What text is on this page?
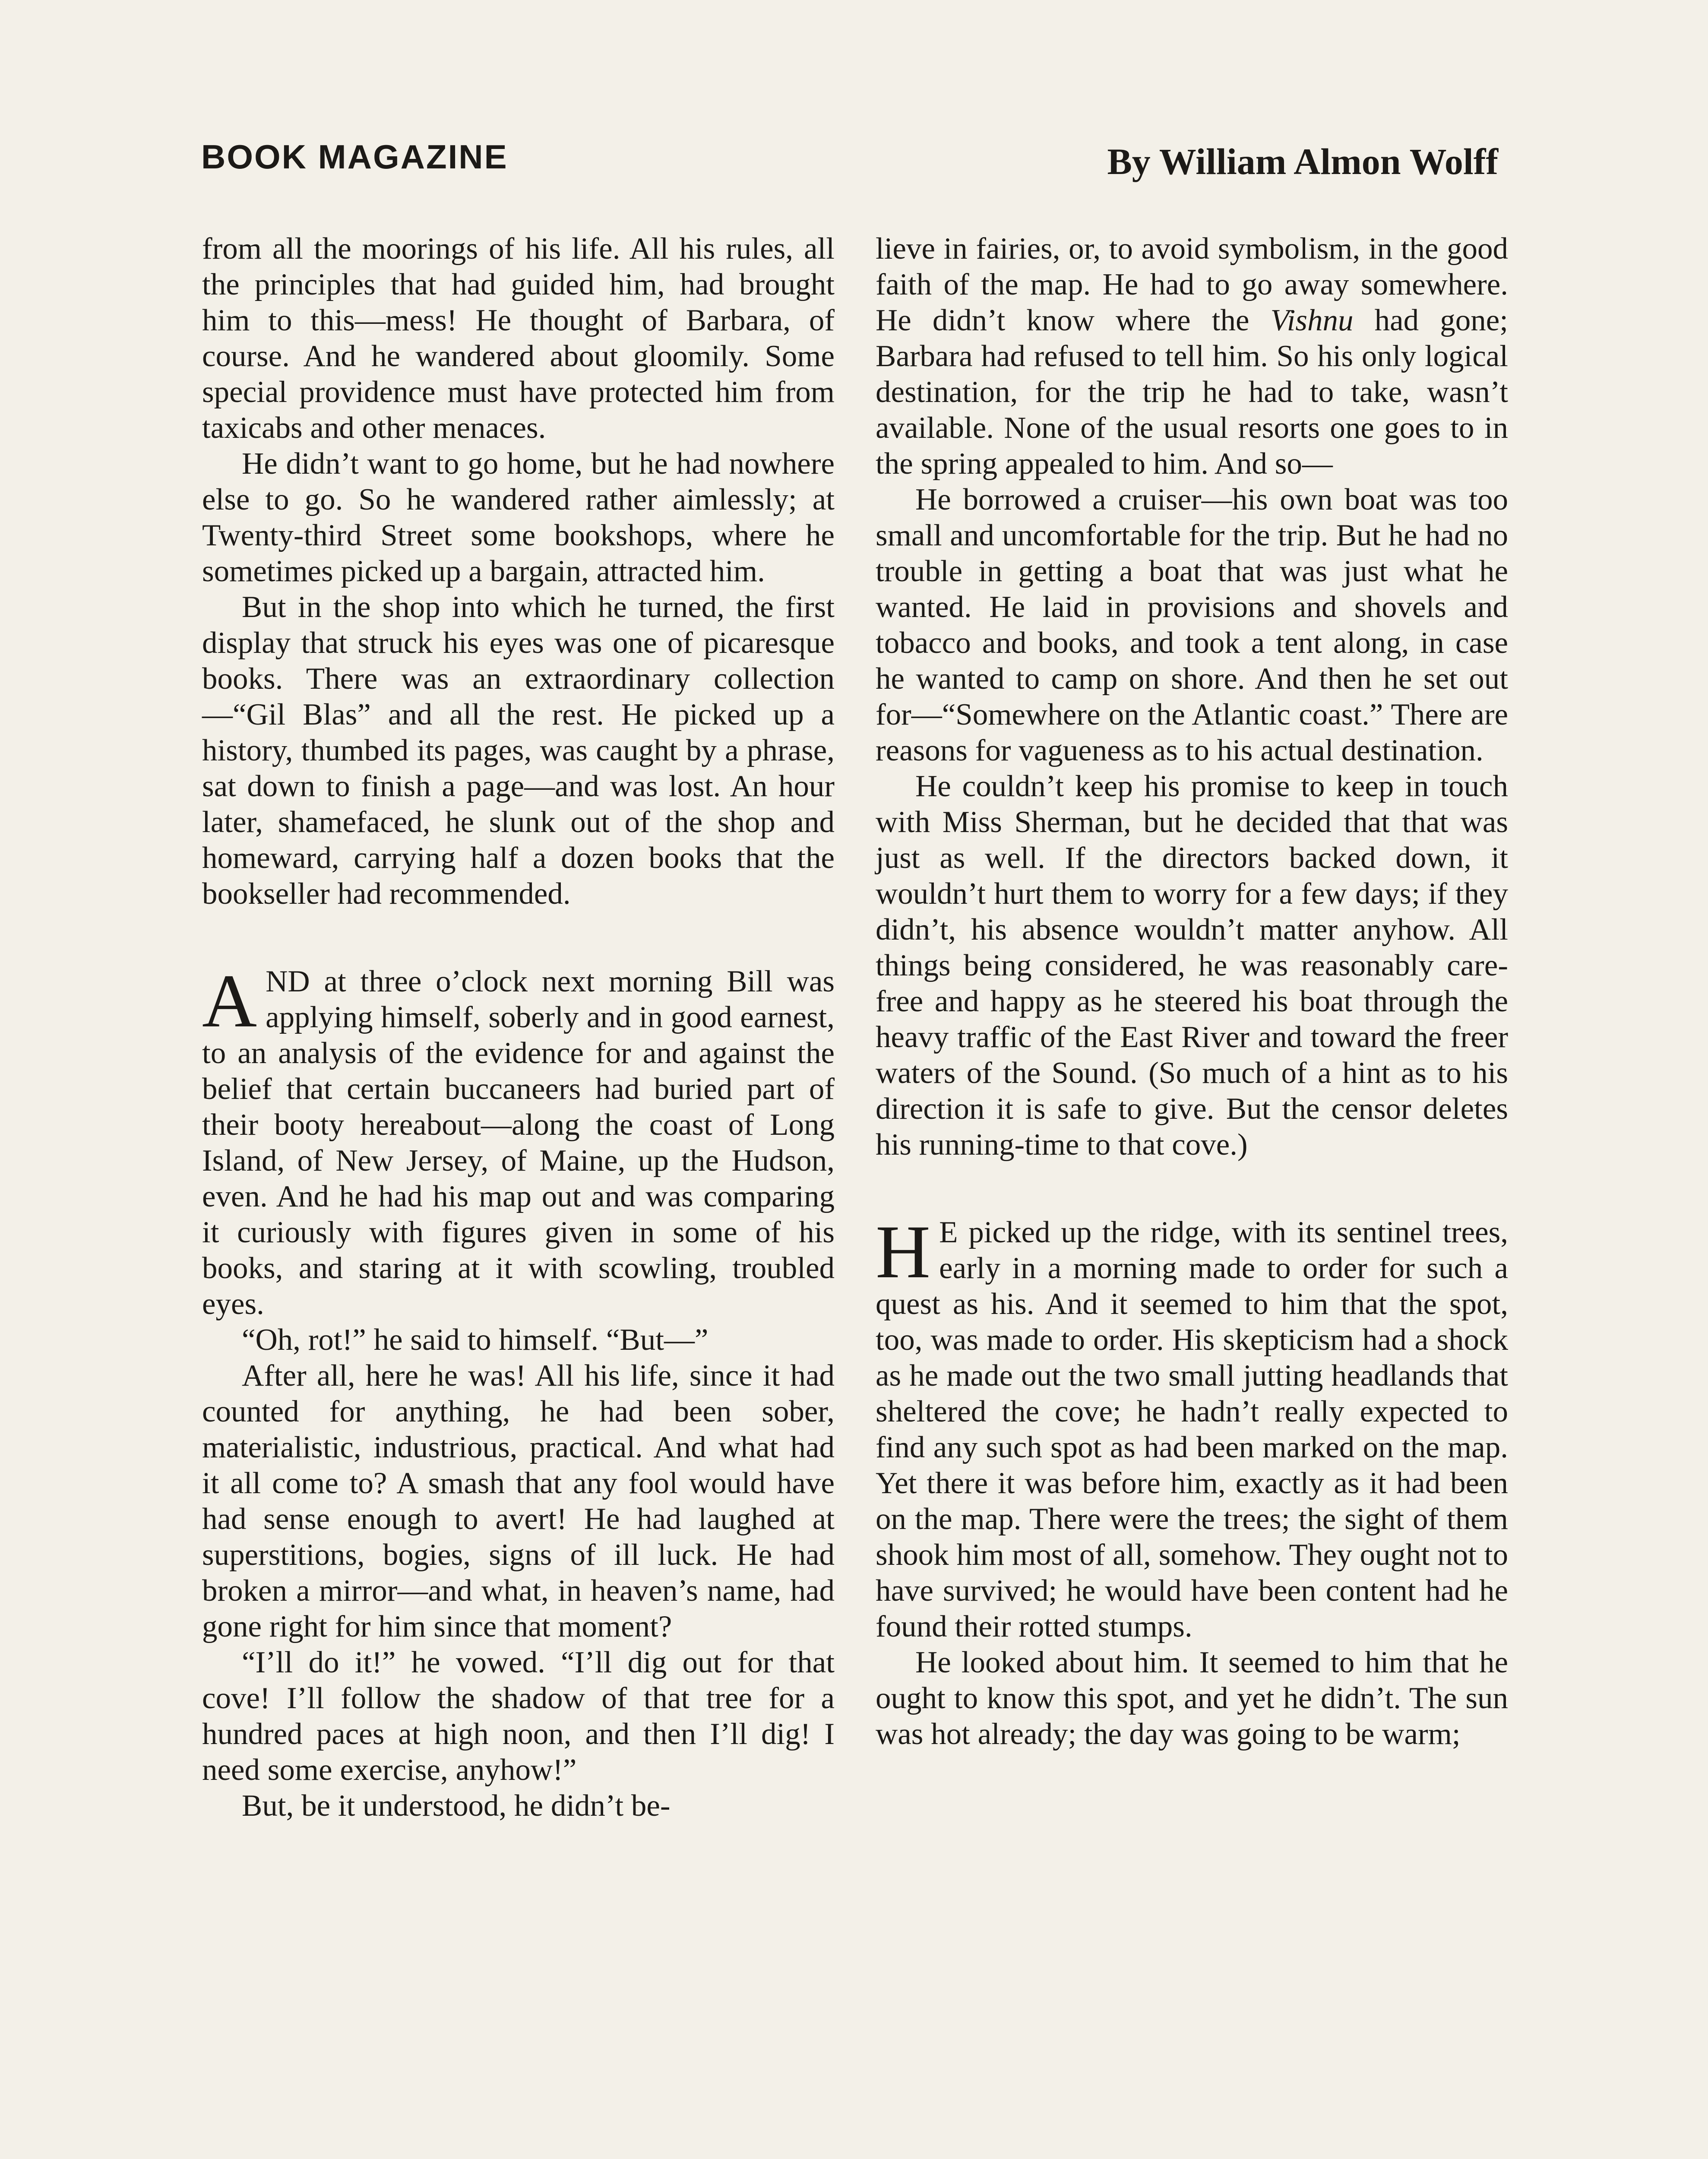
BOOK MAGAZINE	By William Almon Wolff

from all the moorings of his life. All his rules, all the principles that had guided him, had brought him to this—mess! He thought of Barbara, of course. And he wandered about gloomily. Some special providence must have protected him from taxicabs and other menaces.

He didn’t want to go home, but he had nowhere else to go. So he wandered rather aimlessly; at Twenty-third Street some bookshops, where he sometimes picked up a bargain, attracted him.

But in the shop into which he turned, the first display that struck his eyes was one of picaresque books. There was an extraordinary collection—“Gil Blas” and all the rest. He picked up a history, thumbed its pages, was caught by a phrase, sat down to finish a page—and was lost. An hour later, shamefaced, he slunk out of the shop and homeward, carrying half a dozen books that the bookseller had recommended.

AND at three o’clock next morning Bill was applying himself, soberly and in good earnest, to an analysis of the evidence for and against the belief that certain buccaneers had buried part of their booty hereabout—along the coast of Long Island, of New Jersey, of Maine, up the Hudson, even. And he had his map out and was comparing it curiously with figures given in some of his books, and staring at it with scowling, troubled eyes.

“Oh, rot!” he said to himself. “But—”

After all, here he was! All his life, since it had counted for anything, he had been sober, materialistic, industrious, practical. And what had it all come to? A smash that any fool would have had sense enough to avert! He had laughed at superstitions, bogies, signs of ill luck. He had broken a mirror—and what, in heaven’s name, had gone right for him since that moment?

“I’ll do it!” he vowed. “I’ll dig out for that cove! I’ll follow the shadow of that tree for a hundred paces at high noon, and then I’ll dig! I need some exercise, anyhow!”

But, be it understood, he didn’t be-

lieve in fairies, or, to avoid symbolism, in the good faith of the map. He had to go away somewhere. He didn’t know where the Vishnu had gone; Barbara had refused to tell him. So his only logical destination, for the trip he had to take, wasn’t available. None of the usual resorts one goes to in the spring appealed to him. And so—

He borrowed a cruiser—his own boat was too small and uncomfortable for the trip. But he had no trouble in getting a boat that was just what he wanted. He laid in provisions and shovels and tobacco and books, and took a tent along, in case he wanted to camp on shore. And then he set out for—“Somewhere on the Atlantic coast.” There are reasons for vagueness as to his actual destination.

He couldn’t keep his promise to keep in touch with Miss Sherman, but he decided that that was just as well. If the directors backed down, it wouldn’t hurt them to worry for a few days; if they didn’t, his absence wouldn’t matter anyhow. All things being considered, he was reasonably care-free and happy as he steered his boat through the heavy traffic of the East River and toward the freer waters of the Sound. (So much of a hint as to his direction it is safe to give. But the censor deletes his running-time to that cove.)

H E picked up the ridge, with its sentinel trees, early in a morning made to order for such a quest as his. And it seemed to him that the spot, too, was made to order. His skepticism had a shock as he made out the two small jutting headlands that sheltered the cove; he hadn’t really expected to find any such spot as had been marked on the map. Yet there it was before him, exactly as it had been on the map. There were the trees; the sight of them shook him most of all, somehow. They ought not to have survived; he would have been content had he found their rotted stumps.

He looked about him. It seemed to him that he ought to know this spot, and yet he didn’t. The sun was hot already; the day was going to be warm;
